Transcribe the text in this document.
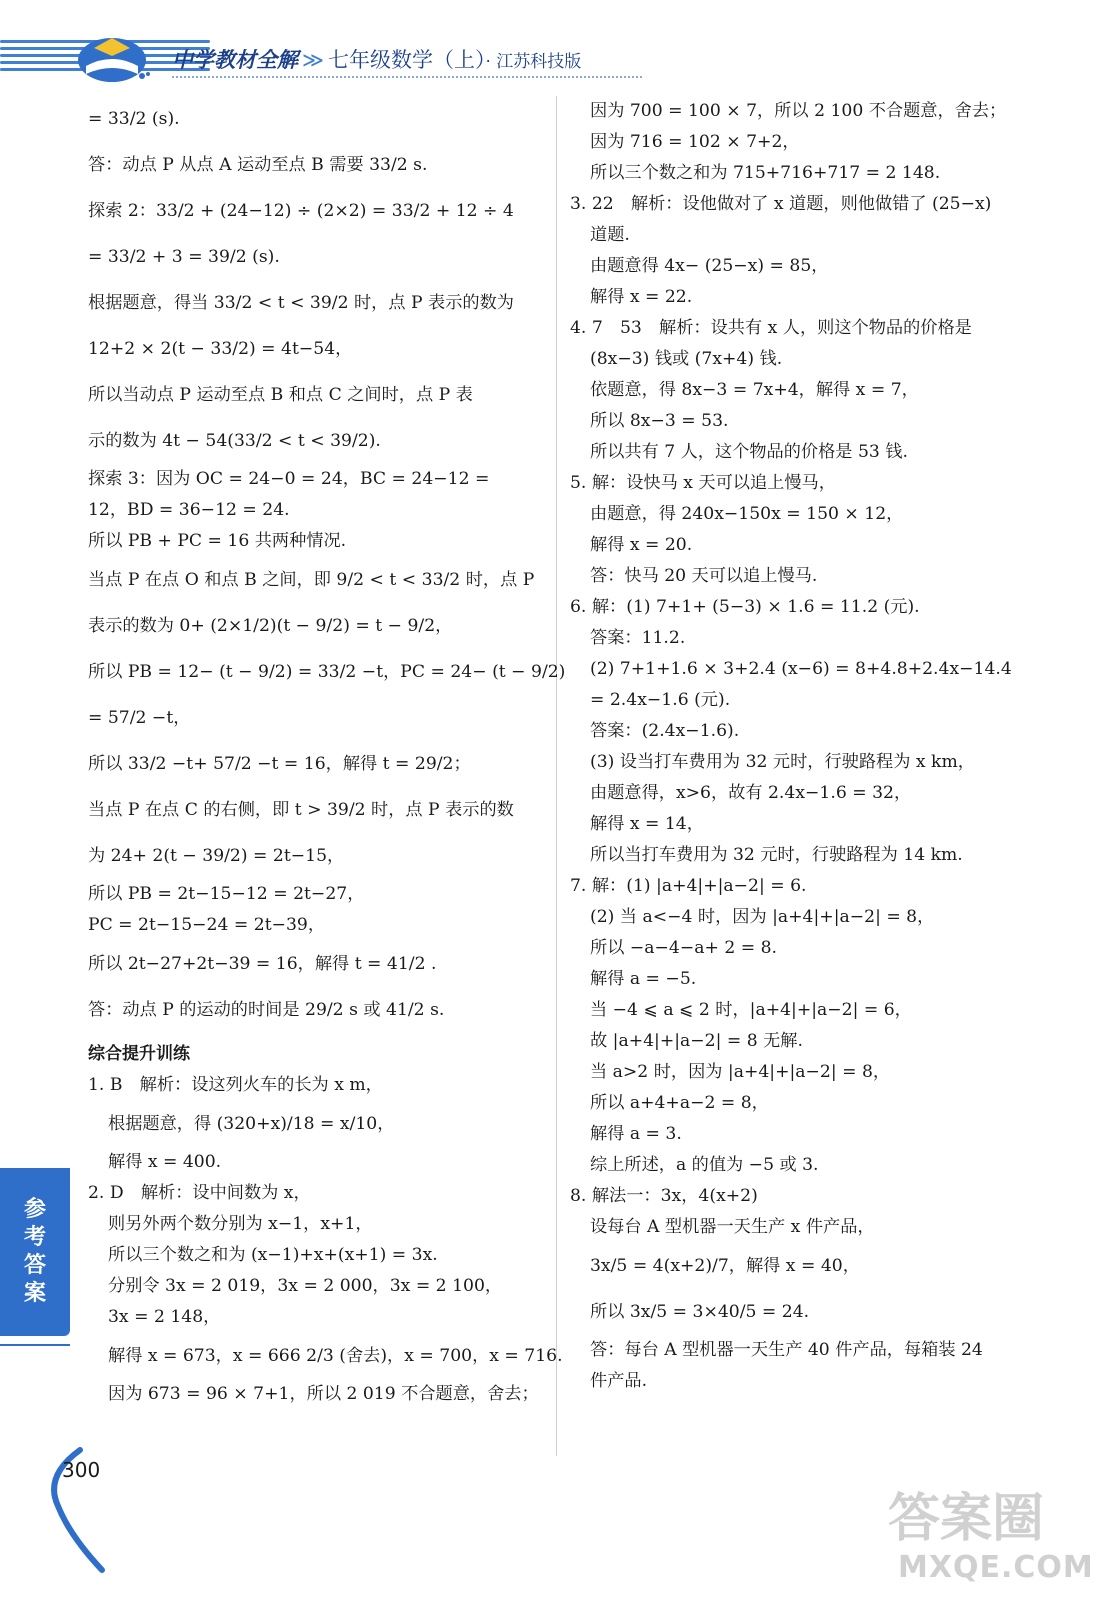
中学教材全解 ≫ 七年级数学（上）· 江苏科技版
= 33/2 (s).
答：动点 P 从点 A 运动至点 B 需要 33/2 s.
探索 2：33/2 + (24−12) ÷ (2×2) = 33/2 + 12 ÷ 4
= 33/2 + 3 = 39/2 (s).
根据题意，得当 33/2 < t < 39/2 时，点 P 表示的数为
12+2 × 2(t − 33/2) = 4t−54，
所以当动点 P 运动至点 B 和点 C 之间时，点 P 表
示的数为 4t − 54(33/2 < t < 39/2).
探索 3：因为 OC = 24−0 = 24，BC = 24−12 =
12，BD = 36−12 = 24.
所以 PB + PC = 16 共两种情况.
当点 P 在点 O 和点 B 之间，即 9/2 < t < 33/2 时，点 P
表示的数为 0+ (2×1/2)(t − 9/2) = t − 9/2，
所以 PB = 12− (t − 9/2) = 33/2 −t，PC = 24− (t − 9/2)
= 57/2 −t，
所以 33/2 −t+ 57/2 −t = 16，解得 t = 29/2；
当点 P 在点 C 的右侧，即 t > 39/2 时，点 P 表示的数
为 24+ 2(t − 39/2) = 2t−15，
所以 PB = 2t−15−12 = 2t−27，
PC = 2t−15−24 = 2t−39，
所以 2t−27+2t−39 = 16，解得 t = 41/2 .
答：动点 P 的运动的时间是 29/2 s 或 41/2 s.
综合提升训练
1. B　解析：设这列火车的长为 x m，
根据题意，得 (320+x)/18 = x/10，
解得 x = 400.
2. D　解析：设中间数为 x，
则另外两个数分别为 x−1，x+1，
所以三个数之和为 (x−1)+x+(x+1) = 3x.
分别令 3x = 2 019，3x = 2 000，3x = 2 100，
3x = 2 148，
解得 x = 673，x = 666 2/3 (舍去)，x = 700，x = 716.
因为 673 = 96 × 7+1，所以 2 019 不合题意，舍去；
因为 700 = 100 × 7，所以 2 100 不合题意，舍去；
因为 716 = 102 × 7+2，
所以三个数之和为 715+716+717 = 2 148.
3. 22　解析：设他做对了 x 道题，则他做错了 (25−x)
道题.
由题意得 4x− (25−x) = 85，
解得 x = 22.
4. 7　53　解析：设共有 x 人，则这个物品的价格是
(8x−3) 钱或 (7x+4) 钱.
依题意，得 8x−3 = 7x+4，解得 x = 7，
所以 8x−3 = 53.
所以共有 7 人，这个物品的价格是 53 钱.
5. 解：设快马 x 天可以追上慢马，
由题意，得 240x−150x = 150 × 12，
解得 x = 20.
答：快马 20 天可以追上慢马.
6. 解：(1) 7+1+ (5−3) × 1.6 = 11.2 (元).
答案：11.2.
(2) 7+1+1.6 × 3+2.4 (x−6) = 8+4.8+2.4x−14.4
= 2.4x−1.6 (元).
答案：(2.4x−1.6).
(3) 设当打车费用为 32 元时，行驶路程为 x km，
由题意得，x>6，故有 2.4x−1.6 = 32，
解得 x = 14，
所以当打车费用为 32 元时，行驶路程为 14 km.
7. 解：(1) |a+4|+|a−2| = 6.
(2) 当 a<−4 时，因为 |a+4|+|a−2| = 8，
所以 −a−4−a+ 2 = 8.
解得 a = −5.
当 −4 ⩽ a ⩽ 2 时，|a+4|+|a−2| = 6，
故 |a+4|+|a−2| = 8 无解.
当 a>2 时，因为 |a+4|+|a−2| = 8，
所以 a+4+a−2 = 8，
解得 a = 3.
综上所述，a 的值为 −5 或 3.
8. 解法一：3x，4(x+2)
设每台 A 型机器一天生产 x 件产品，
3x/5 = 4(x+2)/7，解得 x = 40，
所以 3x/5 = 3×40/5 = 24.
答：每台 A 型机器一天生产 40 件产品，每箱装 24
件产品.
参考答案
300
答案圈
MXQE.COM
